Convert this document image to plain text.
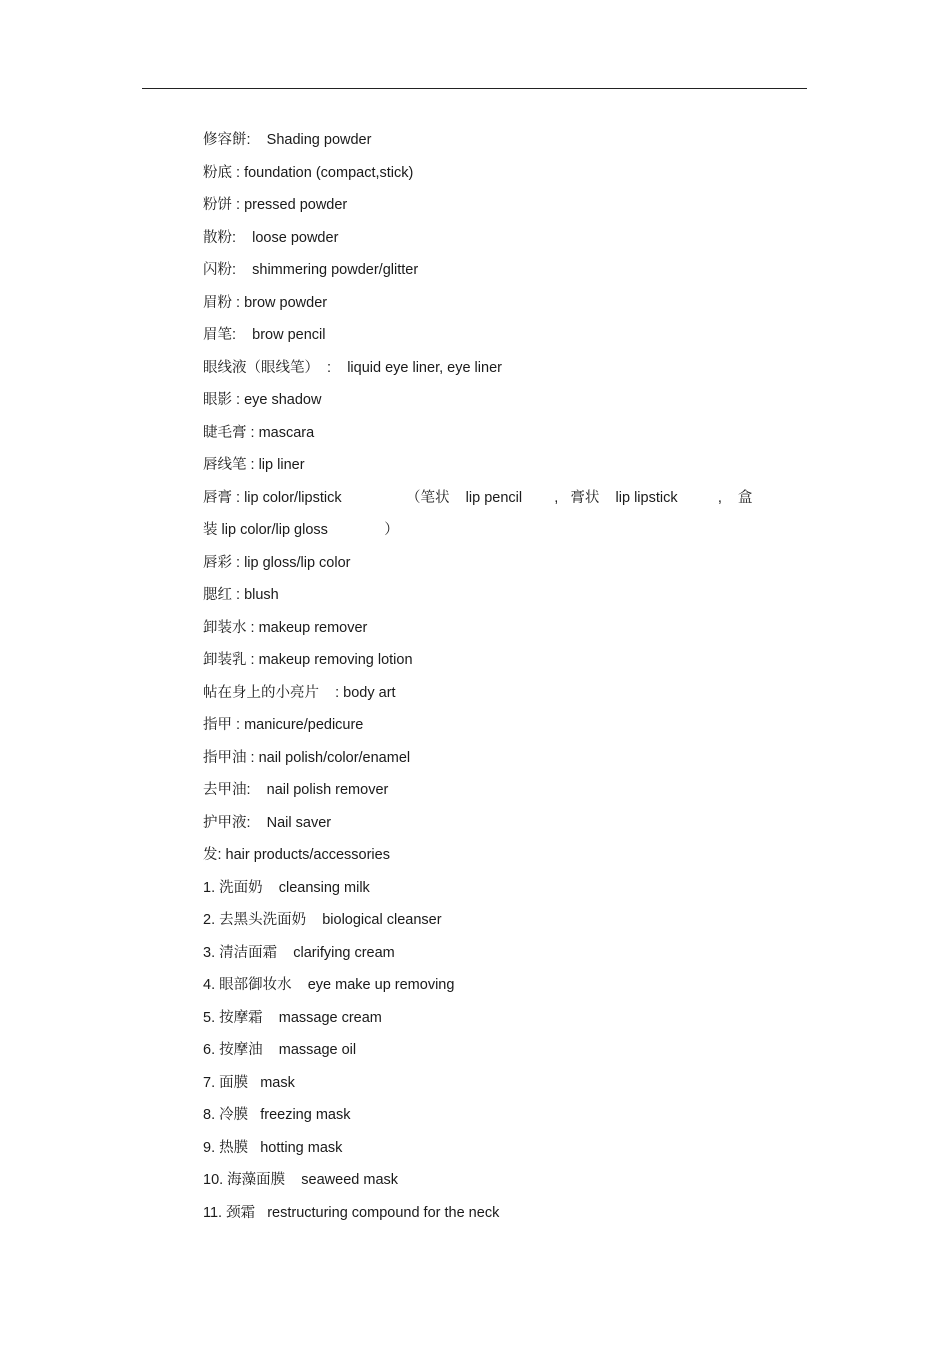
修容餅:    Shading powder
粉底 : foundation (compact,stick)
粉饼 : pressed powder
散粉:    loose powder
闪粉:    shimmering powder/glitter
眉粉 : brow powder
眉笔:    brow pencil
眼线液（眼线笔）  :    liquid eye liner, eye liner
眼影 : eye shadow
睫毛膏 : mascara
唇线笔 : lip liner
唇膏 : lip color/lipstick                （笔状    lip pencil        ,   膏状    lip lipstick          ,    盒
装 lip color/lip gloss              ）
唇彩 : lip gloss/lip color
腮红 : blush
卸装水 : makeup remover
卸装乳 : makeup removing lotion
帖在身上的小亮片    : body art
指甲 : manicure/pedicure
指甲油 : nail polish/color/enamel
去甲油:    nail polish remover
护甲液:    Nail saver
发: hair products/accessories
1. 洗面奶    cleansing milk
2. 去黑头洗面奶    biological cleanser
3. 清洁面霜    clarifying cream
4. 眼部御妆水    eye make up removing
5. 按摩霜    massage cream
6. 按摩油    massage oil
7. 面膜   mask
8. 冷膜   freezing mask
9. 热膜   hotting mask
10. 海藻面膜    seaweed mask
11. 颈霜   restructuring compound for the neck
